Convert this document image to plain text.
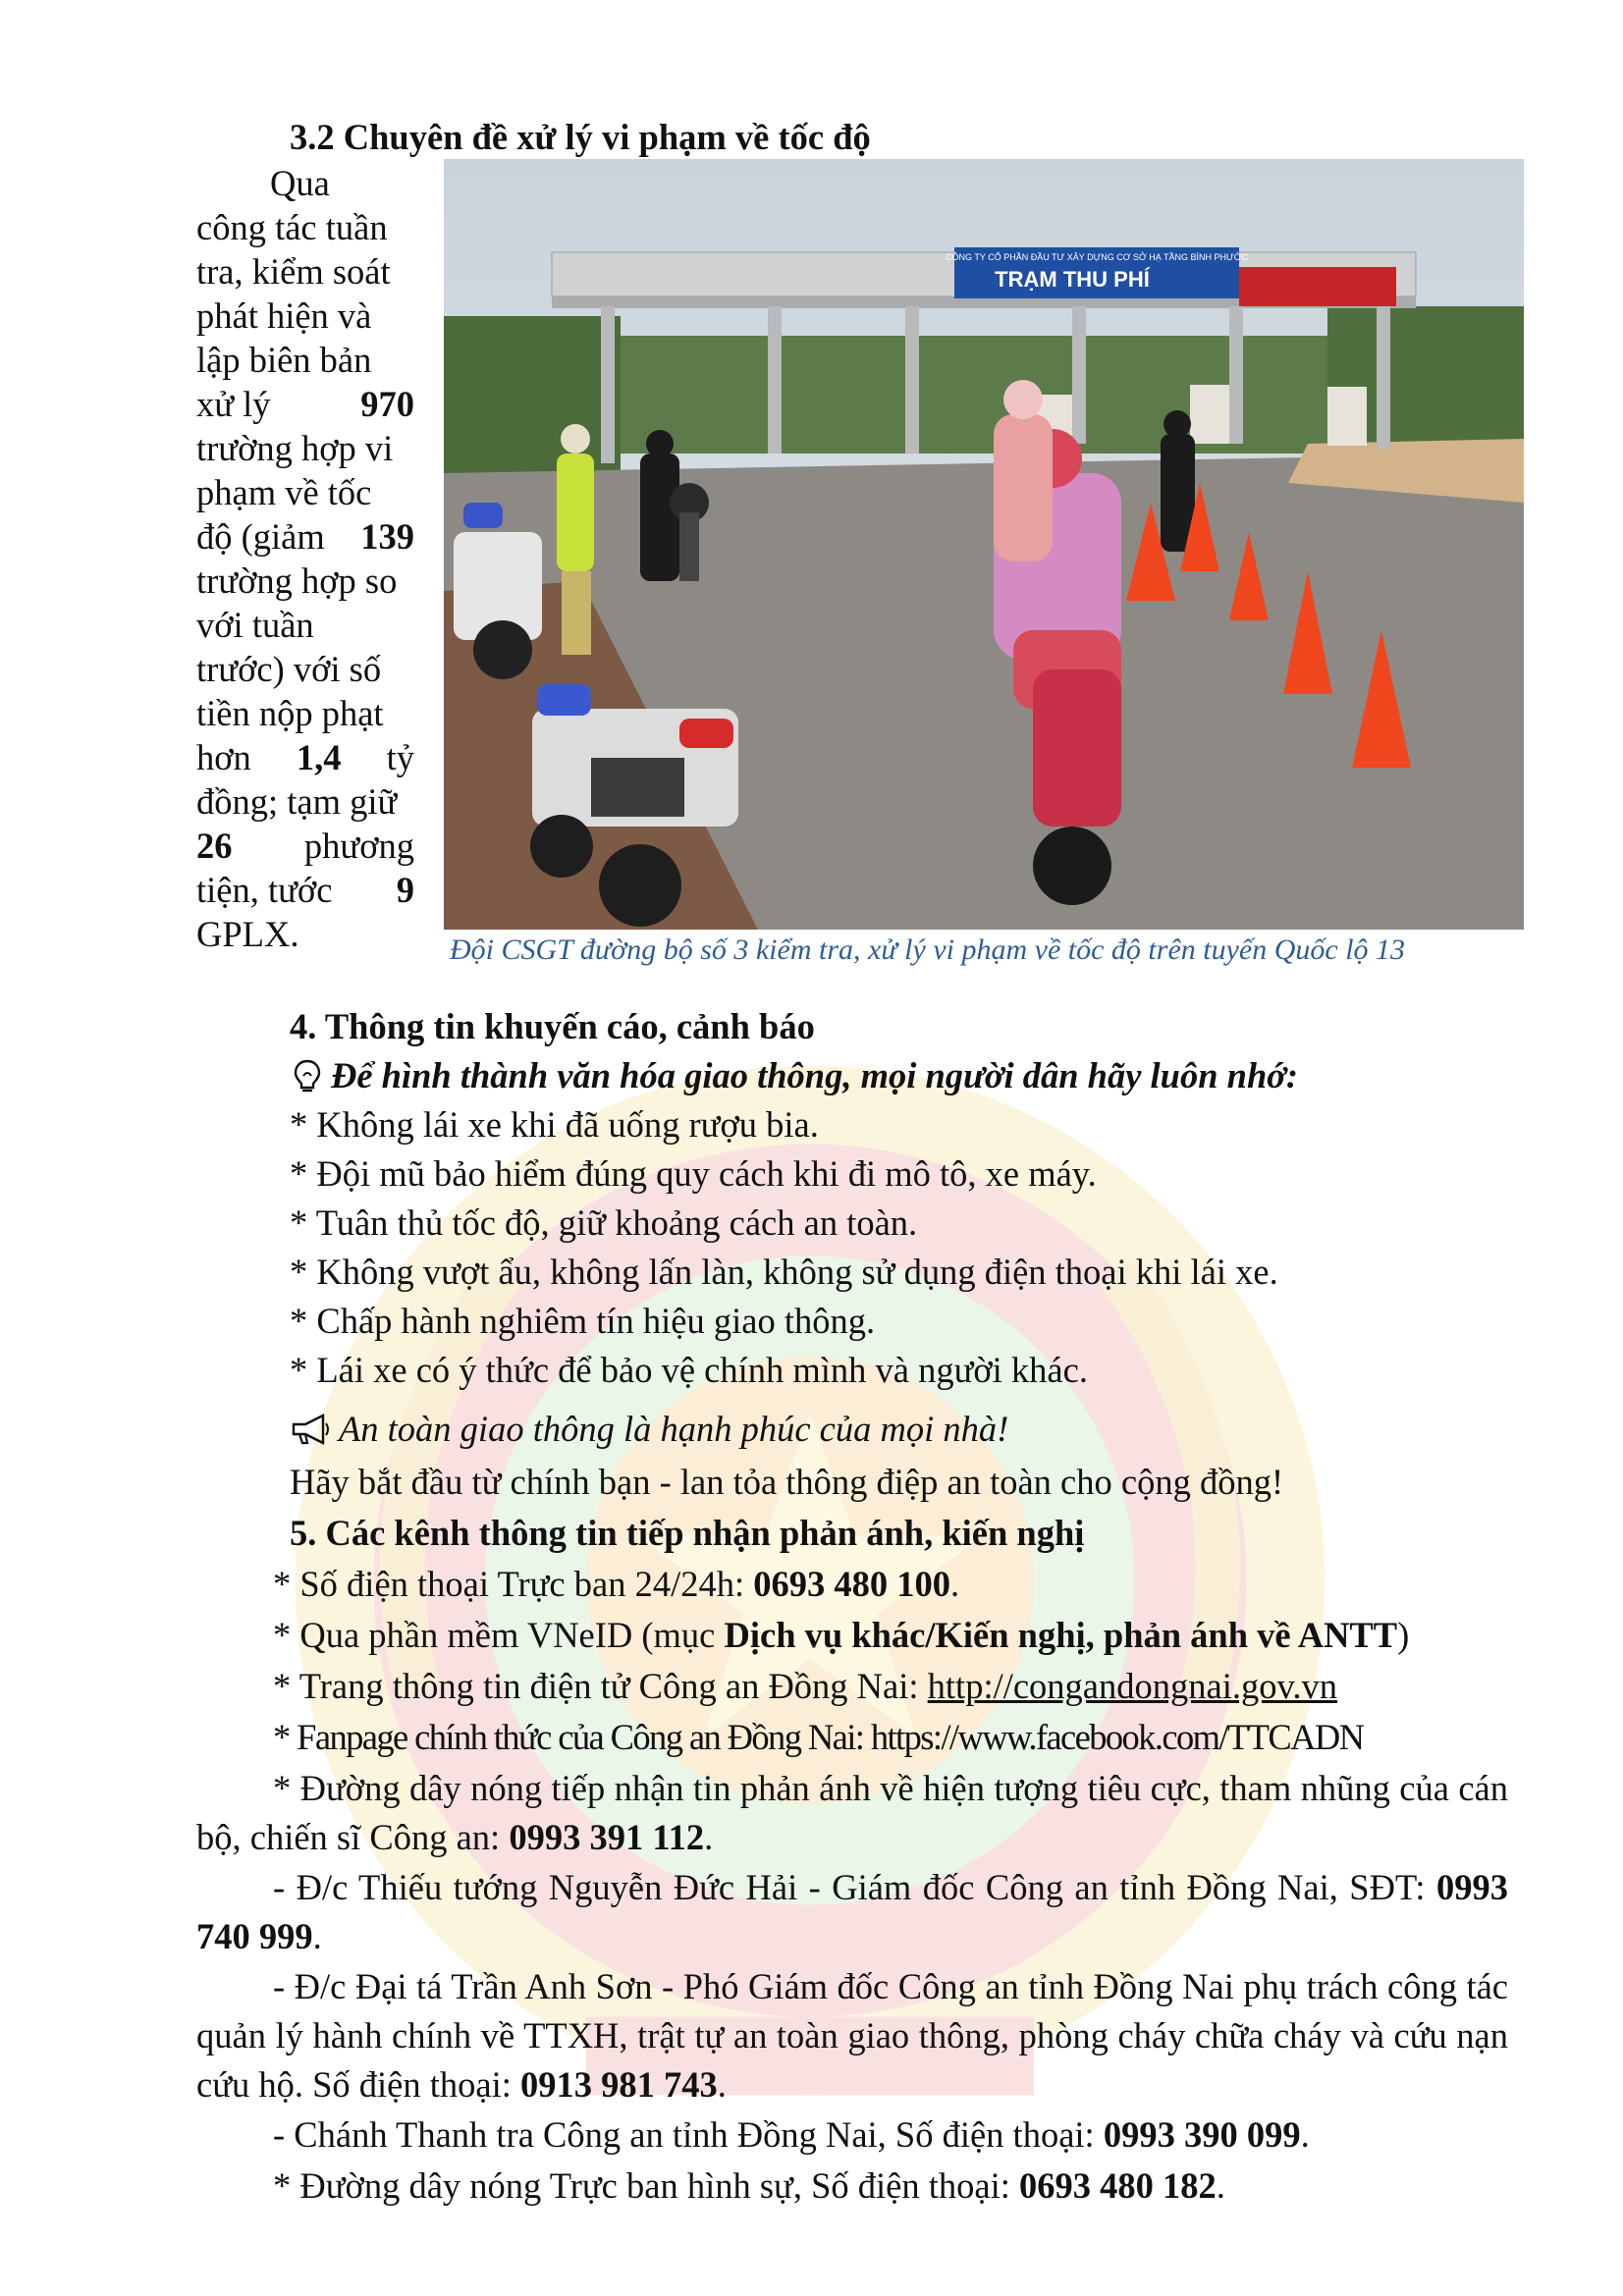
3.2 Chuyên đề xử lý vi phạm về tốc độ
Qua
công tác tuần
tra, kiểm soát
phát hiện và
lập biên bản
xử lý	970
trường hợp vi
phạm về tốc
độ (giảm 139
trường hợp so
với tuần
trước) với số
tiền nộp phạt
hơn 1,4 tỷ
đồng; tạm giữ
26 phương
tiện, tước 9
GPLX.
CÔNG TY CỔ PHẦN ĐẦU TƯ XÂY DỰNG CƠ SỞ HẠ TẦNG BÌNH PHƯỚC
TRẠM THU PHÍ
Đội CSGT đường bộ số 3 kiểm tra, xử lý vi phạm về tốc độ trên tuyến Quốc lộ 13
4. Thông tin khuyến cáo, cảnh báo
Để hình thành văn hóa giao thông, mọi người dân hãy luôn nhớ:
* Không lái xe khi đã uống rượu bia.
* Đội mũ bảo hiểm đúng quy cách khi đi mô tô, xe máy.
* Tuân thủ tốc độ, giữ khoảng cách an toàn.
* Không vượt ẩu, không lấn làn, không sử dụng điện thoại khi lái xe.
* Chấp hành nghiêm tín hiệu giao thông.
* Lái xe có ý thức để bảo vệ chính mình và người khác.
An toàn giao thông là hạnh phúc của mọi nhà!
Hãy bắt đầu từ chính bạn - lan tỏa thông điệp an toàn cho cộng đồng!
5. Các kênh thông tin tiếp nhận phản ánh, kiến nghị
* Số điện thoại Trực ban 24/24h: 0693 480 100.
* Qua phần mềm VNeID (mục Dịch vụ khác/Kiến nghị, phản ánh về ANTT)
* Trang thông tin điện tử Công an Đồng Nai: http://congandongnai.gov.vn
* Fanpage chính thức của Công an Đồng Nai: https://www.facebook.com/TTCADN
* Đường dây nóng tiếp nhận tin phản ánh về hiện tượng tiêu cực, tham nhũng của cán bộ, chiến sĩ Công an: 0993 391 112.
- Đ/c Thiếu tướng Nguyễn Đức Hải - Giám đốc Công an tỉnh Đồng Nai, SĐT: 0993 740 999.
- Đ/c Đại tá Trần Anh Sơn - Phó Giám đốc Công an tỉnh Đồng Nai phụ trách công tác quản lý hành chính về TTXH, trật tự an toàn giao thông, phòng cháy chữa cháy và cứu nạn cứu hộ. Số điện thoại: 0913 981 743.
- Chánh Thanh tra Công an tỉnh Đồng Nai, Số điện thoại: 0993 390 099.
* Đường dây nóng Trực ban hình sự, Số điện thoại: 0693 480 182.
